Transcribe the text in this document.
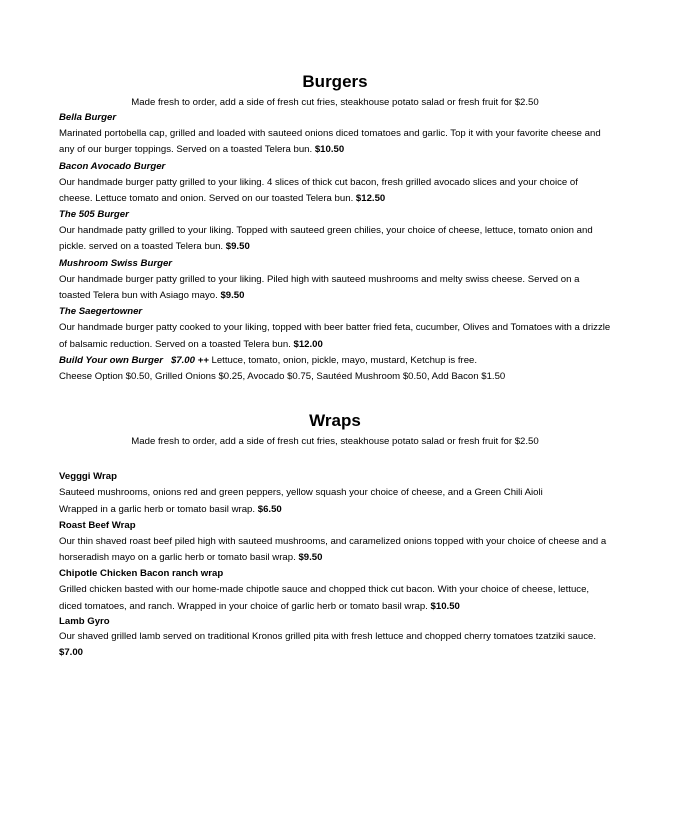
Burgers

Made fresh to order, add a side of fresh cut fries, steakhouse potato salad or fresh fruit for $2.50

Bella Burger

Marinated portobella cap, grilled and loaded with sauteed onions diced tomatoes and garlic. Top it with your favorite cheese and any of our burger toppings. Served on a toasted Telera bun. $10.50

Bacon Avocado Burger

Our handmade burger patty grilled to your liking. 4 slices of thick cut bacon, fresh grilled avocado slices and your choice of cheese. Lettuce tomato and onion. Served on our toasted Telera bun. $12.50

The 505 Burger

Our handmade patty grilled to your liking. Topped with sauteed green chilies, your choice of cheese, lettuce, tomato onion and pickle. served on a toasted Telera bun. $9.50

Mushroom Swiss Burger

Our handmade burger patty grilled to your liking. Piled high with sauteed mushrooms and melty swiss cheese. Served on a toasted Telera bun with Asiago mayo. $9.50

The Saegertowner

Our handmade burger patty cooked to your liking, topped with beer batter fried feta, cucumber, Olives and Tomatoes with a drizzle of balsamic reduction. Served on a toasted Telera bun. $12.00

Build Your own Burger $7.00 ++ Lettuce, tomato, onion, pickle, mayo, mustard, Ketchup is free.

Cheese Option $0.50, Grilled Onions $0.25, Avocado $0.75, Sautéed Mushroom $0.50, Add Bacon $1.50

Wraps

Made fresh to order, add a side of fresh cut fries, steakhouse potato salad or fresh fruit for $2.50

Vegggi Wrap

Sauteed mushrooms, onions red and green peppers, yellow squash your choice of cheese, and a Green Chili Aioli
Wrapped in a garlic herb or tomato basil wrap. $6.50

Roast Beef Wrap

Our thin shaved roast beef piled high with sauteed mushrooms, and caramelized onions topped with your choice of cheese and a horseradish mayo on a garlic herb or tomato basil wrap. $9.50

Chipotle Chicken Bacon ranch wrap

Grilled chicken basted with our home-made chipotle sauce and chopped thick cut bacon. With your choice of cheese, lettuce, diced tomatoes, and ranch. Wrapped in your choice of garlic herb or tomato basil wrap. $10.50

Lamb Gyro

Our shaved grilled lamb served on traditional Kronos grilled pita with fresh lettuce and chopped cherry tomatoes tzatziki sauce. $7.00
